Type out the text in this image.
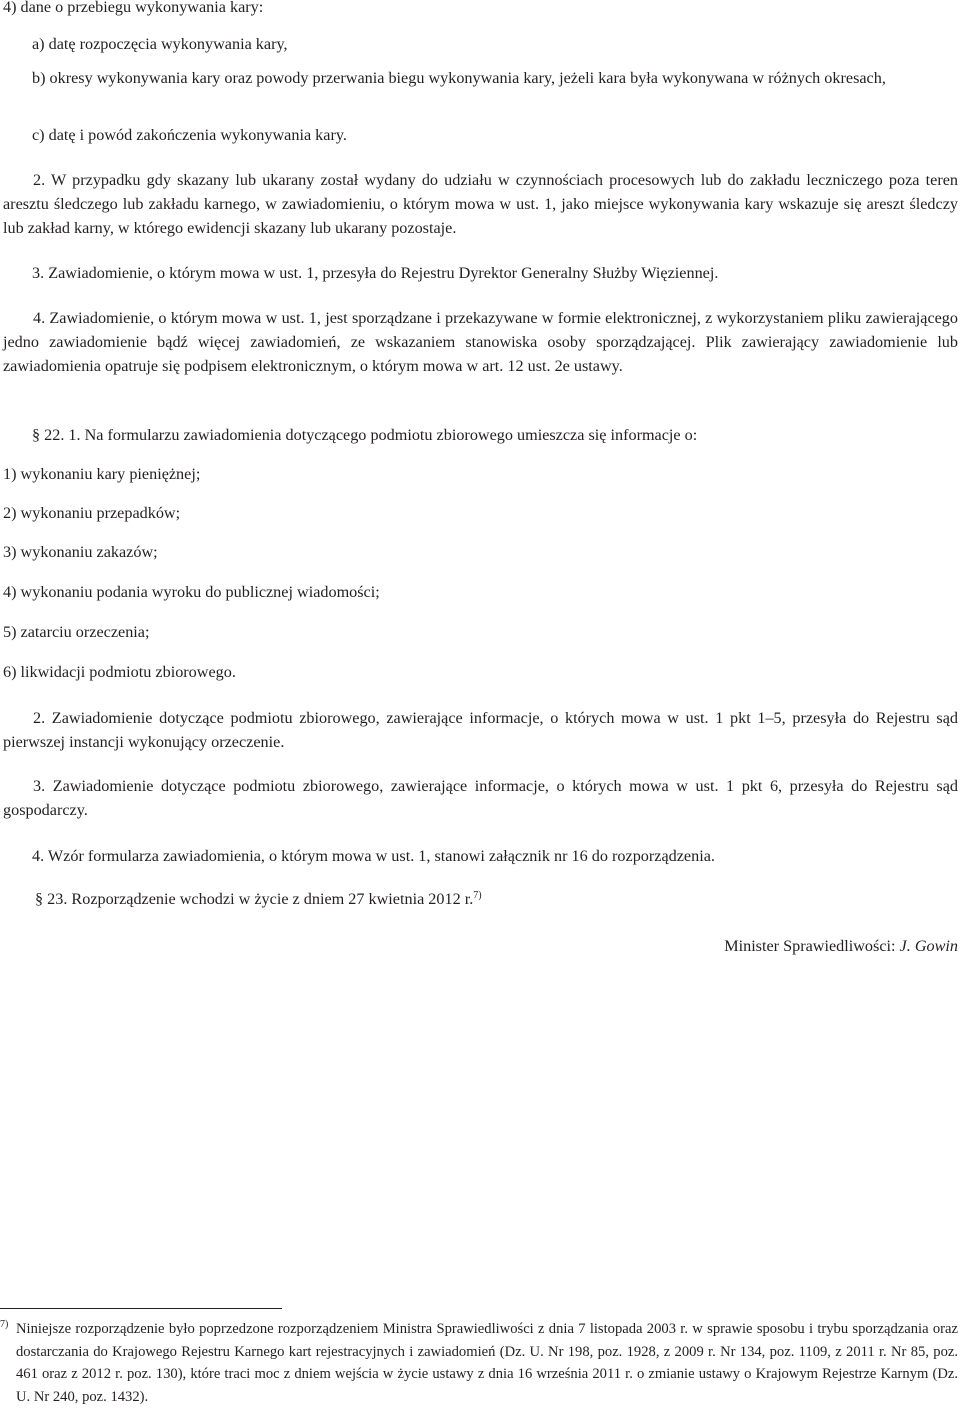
4) dane o przebiegu wykonywania kary:

a) datę rozpoczęcia wykonywania kary,

b) okresy wykonywania kary oraz powody przerwania biegu wykonywania kary, jeżeli kara była wykonywana w różnych okresach,

c) datę i powód zakończenia wykonywania kary.

2. W przypadku gdy skazany lub ukarany został wydany do udziału w czynnościach procesowych lub do zakładu leczniczego poza teren aresztu śledczego lub zakładu karnego, w zawiadomieniu, o którym mowa w ust. 1, jako miejsce wykonywania kary wskazuje się areszt śledczy lub zakład karny, w którego ewidencji skazany lub ukarany pozostaje.

3. Zawiadomienie, o którym mowa w ust. 1, przesyła do Rejestru Dyrektor Generalny Służby Więziennej.

4. Zawiadomienie, o którym mowa w ust. 1, jest sporządzane i przekazywane w formie elektronicznej, z wykorzystaniem pliku zawierającego jedno zawiadomienie bądź więcej zawiadomień, ze wskazaniem stanowiska osoby sporządzającej. Plik zawierający zawiadomienie lub zawiadomienia opatruje się podpisem elektronicznym, o którym mowa w art. 12 ust. 2e ustawy.

§ 22. 1. Na formularzu zawiadomienia dotyczącego podmiotu zbiorowego umieszcza się informacje o:

1) wykonaniu kary pieniężnej;

2) wykonaniu przepadków;

3) wykonaniu zakazów;

4) wykonaniu podania wyroku do publicznej wiadomości;

5) zatarciu orzeczenia;

6) likwidacji podmiotu zbiorowego.

2. Zawiadomienie dotyczące podmiotu zbiorowego, zawierające informacje, o których mowa w ust. 1 pkt 1–5, przesyła do Rejestru sąd pierwszej instancji wykonujący orzeczenie.

3. Zawiadomienie dotyczące podmiotu zbiorowego, zawierające informacje, o których mowa w ust. 1 pkt 6, przesyła do Rejestru sąd gospodarczy.

4. Wzór formularza zawiadomienia, o którym mowa w ust. 1, stanowi załącznik nr 16 do rozporządzenia.

§ 23. Rozporządzenie wchodzi w życie z dniem 27 kwietnia 2012 r.$^{7)}$

Minister Sprawiedliwości: J. Gowin

7) Niniejsze rozporządzenie było poprzedzone rozporządzeniem Ministra Sprawiedliwości z dnia 7 listopada 2003 r. w sprawie sposobu i trybu sporządzania oraz dostarczania do Krajowego Rejestru Karnego kart rejestracyjnych i zawiadomień (Dz. U. Nr 198, poz. 1928, z 2009 r. Nr 134, poz. 1109, z 2011 r. Nr 85, poz. 461 oraz z 2012 r. poz. 130), które traci moc z dniem wejścia w życie ustawy z dnia 16 września 2011 r. o zmianie ustawy o Krajowym Rejestrze Karnym (Dz. U. Nr 240, poz. 1432).
